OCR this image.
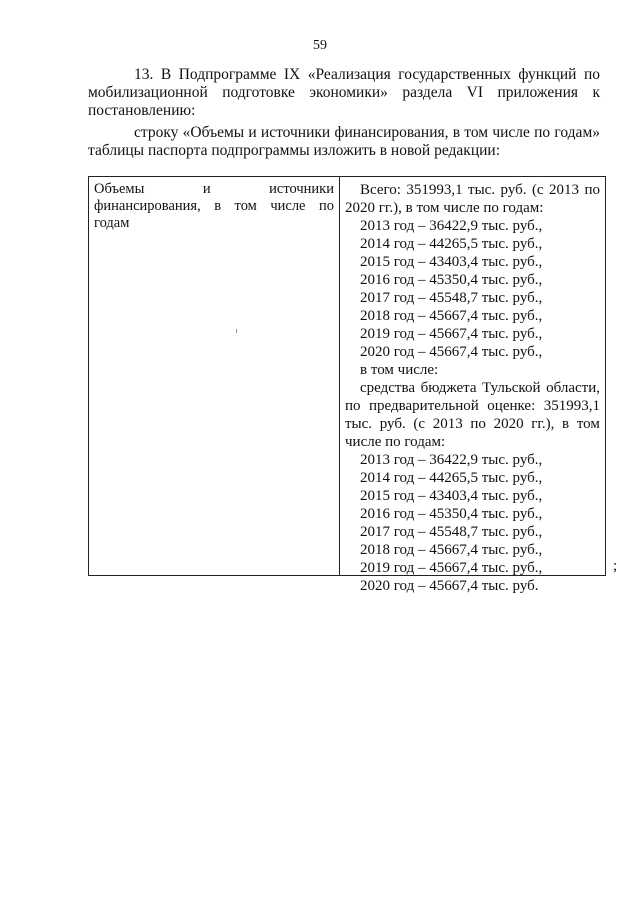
59

13. В Подпрограмме IX «Реализация государственных функций по мобилизационной подготовке экономики» раздела VI приложения к постановлению:

строку «Объемы и источники финансирования, в том числе по годам» таблицы паспорта подпрограммы изложить в новой редакции:

Объемы	и	источники
финансирования, в том числе по
годам
Всего: 351993,1 тыс. руб. (с 2013 по
2020 гг.), в том числе по годам:
2013 год – 36422,9 тыс. руб.,
2014 год – 44265,5 тыс. руб.,
2015 год – 43403,4 тыс. руб.,
2016 год – 45350,4 тыс. руб.,
2017 год – 45548,7 тыс. руб.,
2018 год – 45667,4 тыс. руб.,
2019 год – 45667,4 тыс. руб.,
2020 год – 45667,4 тыс. руб.,
в том числе:
средства бюджета Тульской области,
по предварительной оценке: 351993,1
тыс. руб. (с 2013 по 2020 гг.), в том
числе по годам:
2013 год – 36422,9 тыс. руб.,
2014 год – 44265,5 тыс. руб.,
2015 год – 43403,4 тыс. руб.,
2016 год – 45350,4 тыс. руб.,
2017 год – 45548,7 тыс. руб.,
2018 год – 45667,4 тыс. руб.,
2019 год – 45667,4 тыс. руб.,
2020 год – 45667,4 тыс. руб.
;
